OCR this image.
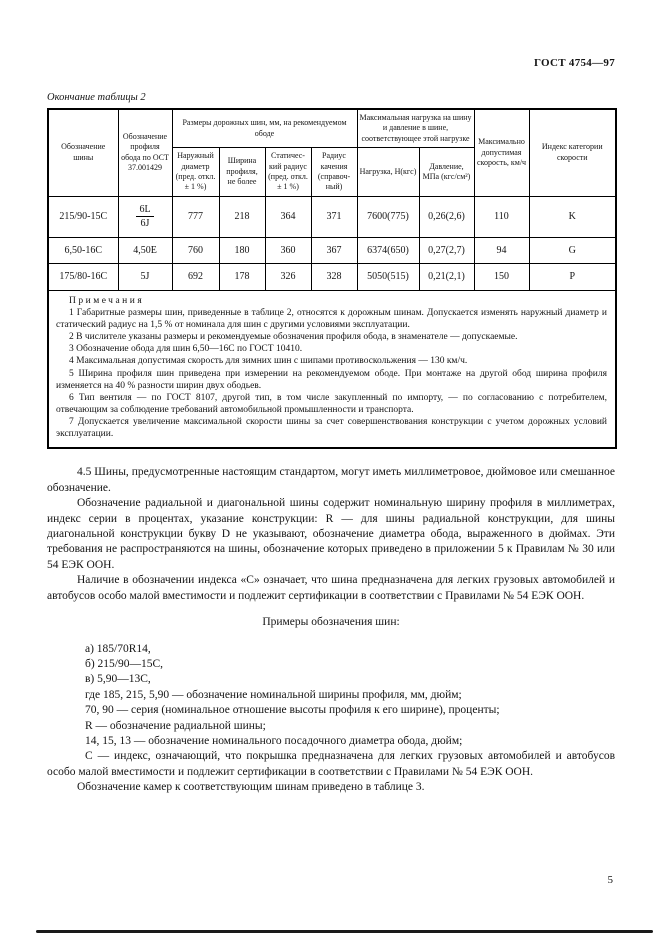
ГОСТ 4754—97
Окончание таблицы 2
Обозначение шины	Обозначение профиля обода по ОСТ 37.001429	Размеры дорожных шин, мм, на рекомендуемом ободе				Максимальная нагрузка на шину и давление в шине, соответствующее этой нагрузке		Максимально допустимая скорость, км/ч	Индекс категории скорости
		Наружный диаметр (пред. откл. ± 1 %)	Ширина профиля, не более	Статический радиус (пред. откл. ± 1 %)	Радиус качения (справочный)	Нагрузка, Н(кгс)	Давление, МПа (кгс/см²)		
215/90-15С	$\frac{6L}{6J}$	777	218	364	371	7600(775)	0,26(2,6)	110	K
6,50-16С	4,50Е	760	180	360	367	6374(650)	0,27(2,7)	94	G
175/80-16С	5J	692	178	326	328	5050(515)	0,21(2,1)	150	P

Примечания

1 Габаритные размеры шин, приведенные в таблице 2, относятся к дорожным шинам. Допускается изменять наружный диаметр и статический радиус на 1,5 % от номинала для шин с другими условиями эксплуатации.

2 В числителе указаны размеры и рекомендуемые обозначения профиля обода, в знаменателе — допускаемые.

3 Обозначение обода для шин 6,50—16С по ГОСТ 10410.

4 Максимальная допустимая скорость для зимних шин с шипами противоскольжения — 130 км/ч.

5 Ширина профиля шин приведена при измерении на рекомендуемом ободе. При монтаже на другой обод ширина профиля изменяется на 40 % разности ширин двух ободьев.

6 Тип вентиля — по ГОСТ 8107, другой тип, в том числе закупленный по импорту, — по согласованию с потребителем, отвечающим за соблюдение требований автомобильной промышленности и транспорта.

7 Допускается увеличение максимальной скорости шины за счет совершенствования конструкции с учетом дорожных условий эксплуатации.

4.5 Шины, предусмотренные настоящим стандартом, могут иметь миллиметровое, дюймовое или смешанное обозначение.

Обозначение радиальной и диагональной шины содержит номинальную ширину профиля в миллиметрах, индекс серии в процентах, указание конструкции: R — для шины радиальной конструкции, для шины диагональной конструкции букву D не указывают, обозначение диаметра обода, выраженного в дюймах. Эти требования не распространяются на шины, обозначение которых приведено в приложении 5 к Правилам № 30 или 54 ЕЭК ООН.

Наличие в обозначении индекса «С» означает, что шина предназначена для легких грузовых автомобилей и автобусов особо малой вместимости и подлежит сертификации в соответствии с Правилами № 54 ЕЭК ООН.

Примеры обозначения шин:

а) 185/70R14,

б) 215/90—15С,

в) 5,90—13С,

где 185, 215, 5,90 — обозначение номинальной ширины профиля, мм, дюйм;

70, 90 — серия (номинальное отношение высоты профиля к его ширине), проценты;

R — обозначение радиальной шины;

14, 15, 13 — обозначение номинального посадочного диаметра обода, дюйм;

С — индекс, означающий, что покрышка предназначена для легких грузовых автомобилей и автобусов особо малой вместимости и подлежит сертификации в соответствии с Правилами № 54 ЕЭК ООН.

Обозначение камер к соответствующим шинам приведено в таблице 3.

5
